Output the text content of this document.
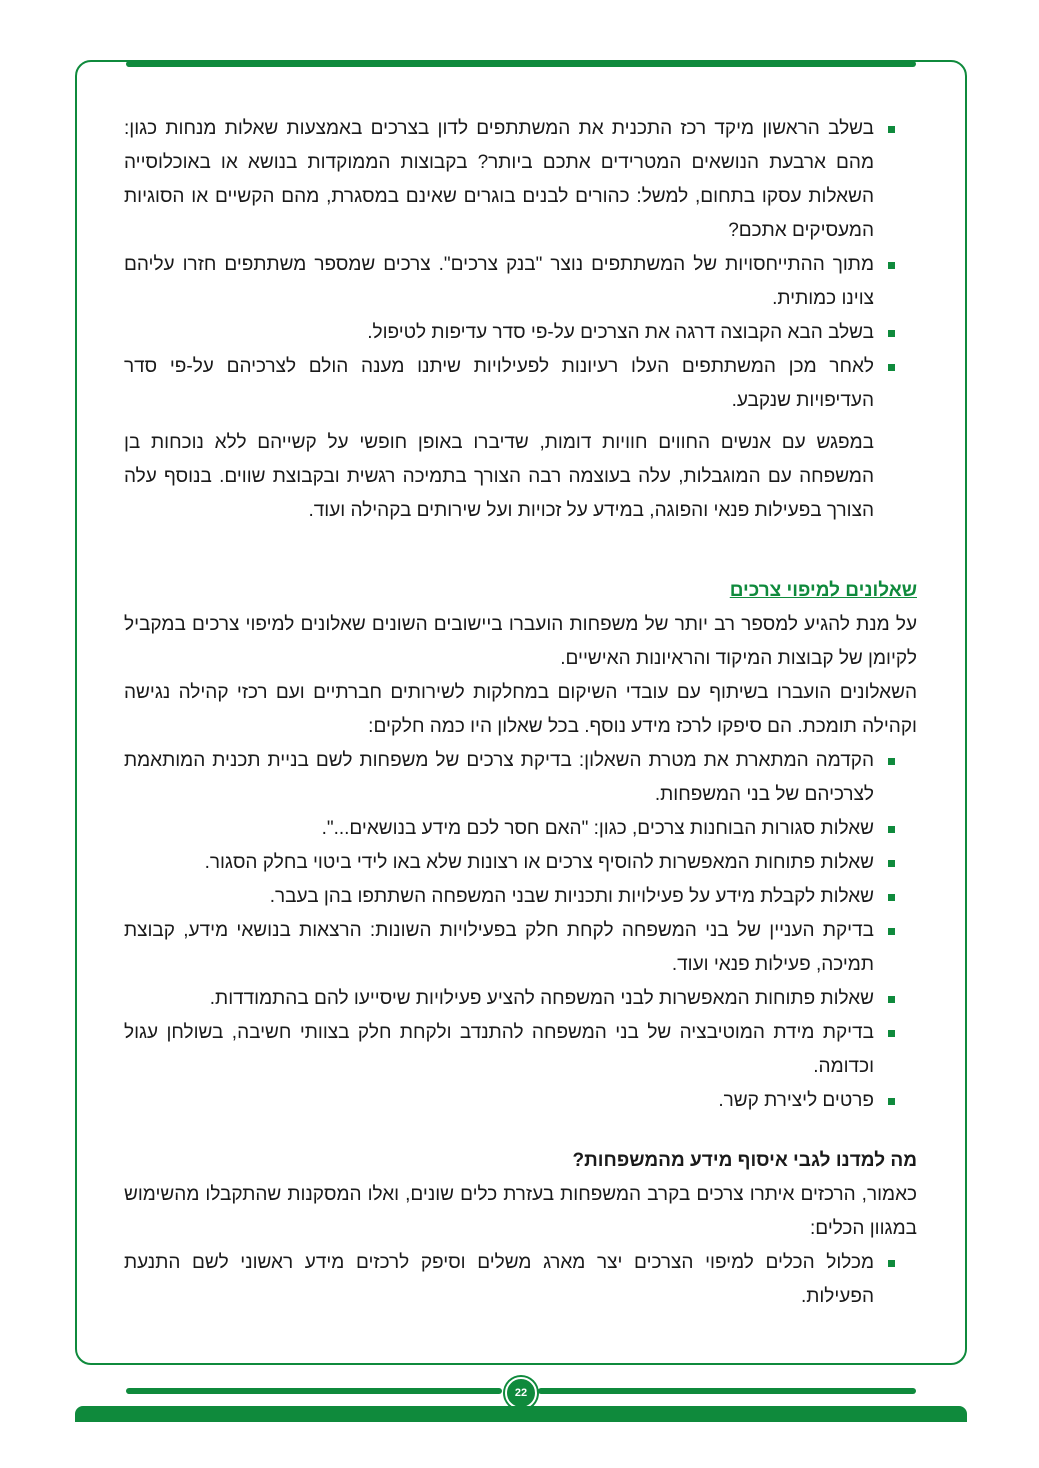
בשלב הראשון מיקד רכז התכנית את המשתתפים לדון בצרכים באמצעות שאלות מנחות כגון: מהם ארבעת הנושאים המטרידים אתכם ביותר? בקבוצות הממוקדות בנושא או באוכלוסייה השאלות עסקו בתחום, למשל: כהורים לבנים בוגרים שאינם במסגרת, מהם הקשיים או הסוגיות המעסיקים אתכם?
מתוך ההתייחסויות של המשתתפים נוצר "בנק צרכים". צרכים שמספר משתתפים חזרו עליהם צוינו כמותית.
בשלב הבא הקבוצה דרגה את הצרכים על-פי סדר עדיפות לטיפול.
לאחר מכן המשתתפים העלו רעיונות לפעילויות שיתנו מענה הולם לצרכיהם על-פי סדר העדיפויות שנקבע.

במפגש עם אנשים החווים חוויות דומות, שדיברו באופן חופשי על קשייהם ללא נוכחות בן המשפחה עם המוגבלות, עלה בעוצמה רבה הצורך בתמיכה רגשית ובקבוצת שווים. בנוסף עלה הצורך בפעילות פנאי והפוגה, במידע על זכויות ועל שירותים בקהילה ועוד.

שאלונים למיפוי צרכים

על מנת להגיע למספר רב יותר של משפחות הועברו ביישובים השונים שאלונים למיפוי צרכים במקביל לקיומן של קבוצות המיקוד והראיונות האישיים.

השאלונים הועברו בשיתוף עם עובדי השיקום במחלקות לשירותים חברתיים ועם רכזי קהילה נגישה וקהילה תומכת. הם סיפקו לרכז מידע נוסף. בכל שאלון היו כמה חלקים:

הקדמה המתארת את מטרת השאלון: בדיקת צרכים של משפחות לשם בניית תכנית המותאמת לצרכיהם של בני המשפחות.
שאלות סגורות הבוחנות צרכים, כגון: "האם חסר לכם מידע בנושאים...".
שאלות פתוחות המאפשרות להוסיף צרכים או רצונות שלא באו לידי ביטוי בחלק הסגור.
שאלות לקבלת מידע על פעילויות ותכניות שבני המשפחה השתתפו בהן בעבר.
בדיקת העניין של בני המשפחה לקחת חלק בפעילויות השונות: הרצאות בנושאי מידע, קבוצת תמיכה, פעילות פנאי ועוד.
שאלות פתוחות המאפשרות לבני המשפחה להציע פעילויות שיסייעו להם בהתמודדות.
בדיקת מידת המוטיבציה של בני המשפחה להתנדב ולקחת חלק בצוותי חשיבה, בשולחן עגול וכדומה.
פרטים ליצירת קשר.
מה למדנו לגבי איסוף מידע מהמשפחות?

כאמור, הרכזים איתרו צרכים בקרב המשפחות בעזרת כלים שונים, ואלו המסקנות שהתקבלו מהשימוש במגוון הכלים:

מכלול הכלים למיפוי הצרכים יצר מארג משלים וסיפק לרכזים מידע ראשוני לשם התנעת הפעילות.
22
